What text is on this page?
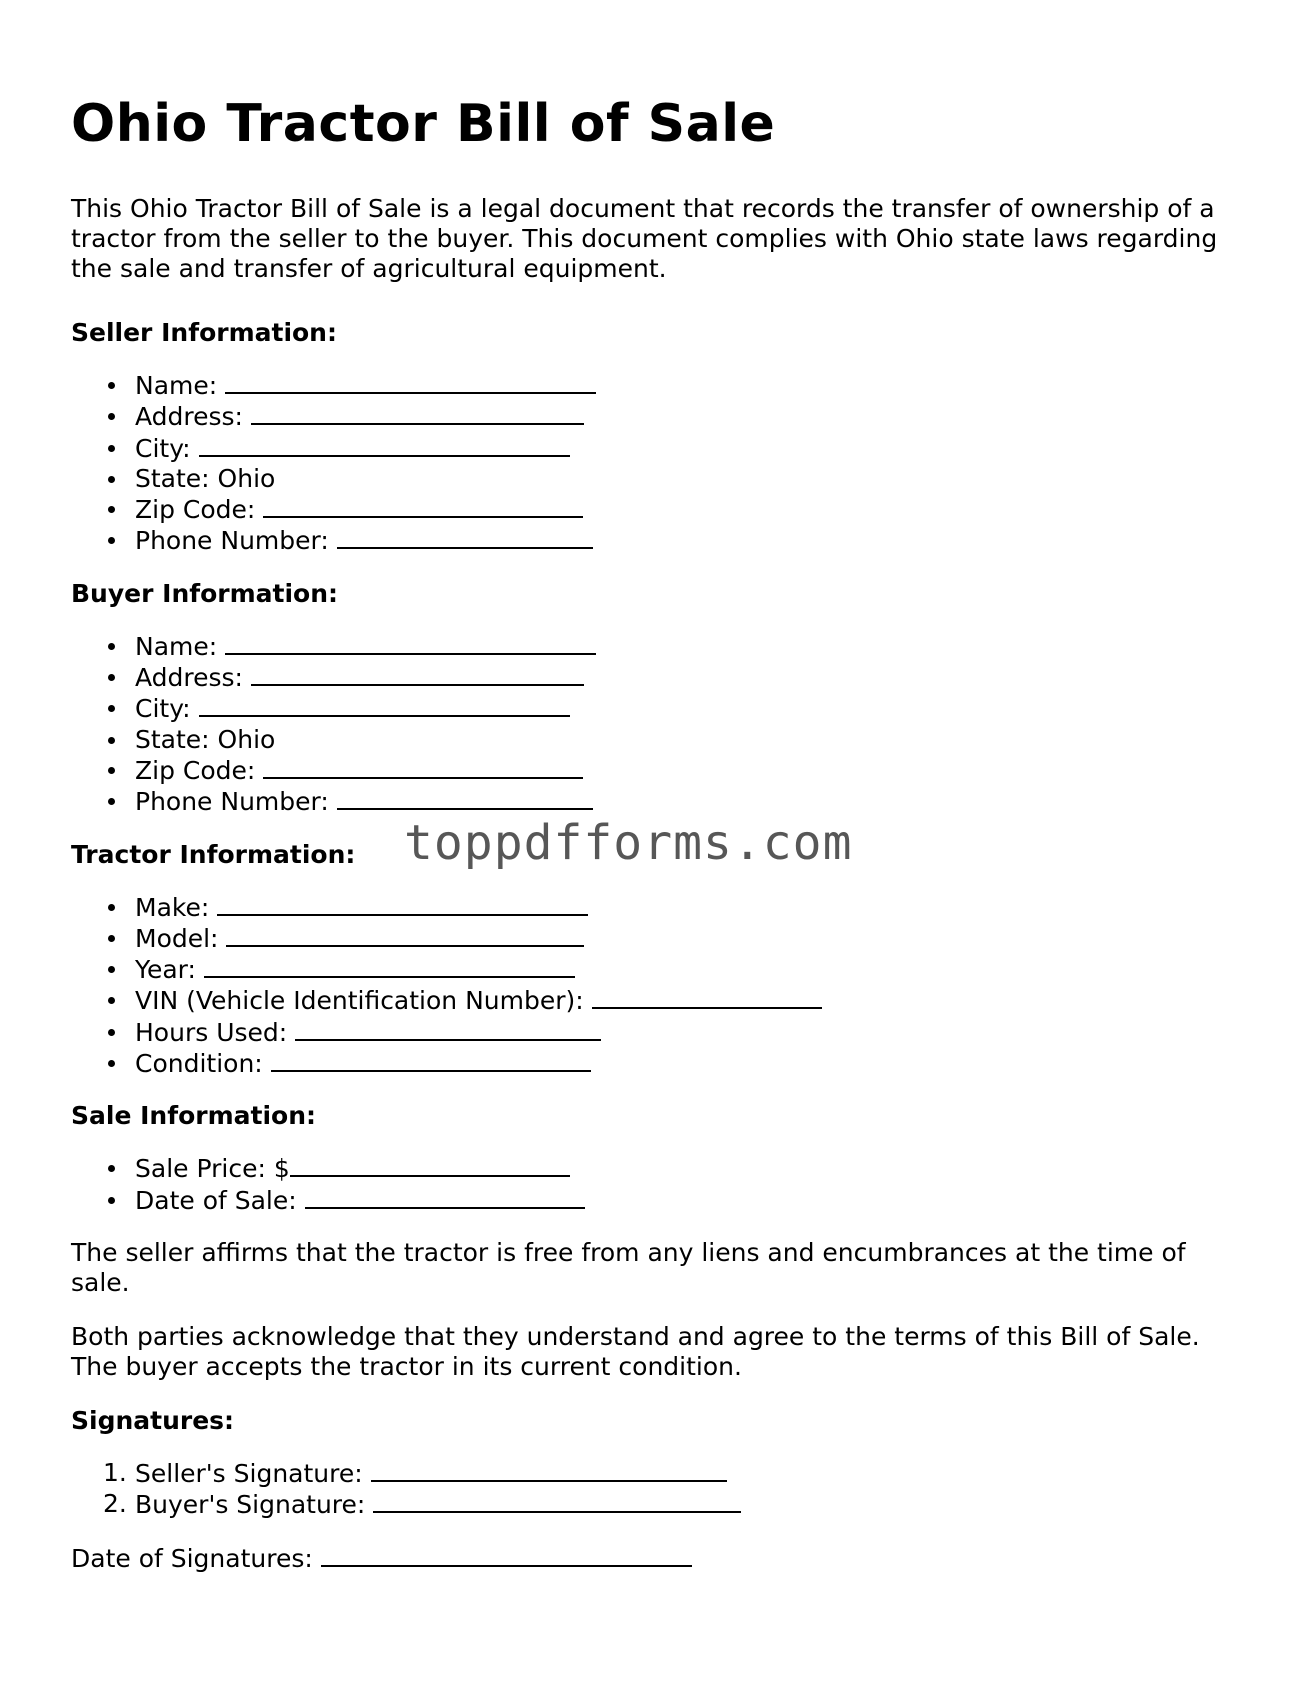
Ohio Tractor Bill of Sale

This Ohio Tractor Bill of Sale is a legal document that records the transfer of ownership of a tractor from the seller to the buyer. This document complies with Ohio state laws regarding the sale and transfer of agricultural equipment.

Seller Information:

Name:
Address:
City:
State: Ohio
Zip Code:
Phone Number:

Buyer Information:

Name:
Address:
City:
State: Ohio
Zip Code:
Phone Number:

Tractor Information:

Make:
Model:
Year:
VIN (Vehicle Identification Number):
Hours Used:
Condition:

Sale Information:

Sale Price: $
Date of Sale:

The seller affirms that the tractor is free from any liens and encumbrances at the time of sale.

Both parties acknowledge that they understand and agree to the terms of this Bill of Sale. The buyer accepts the tractor in its current condition.

Signatures:

1. Seller's Signature:
2. Buyer's Signature:

Date of Signatures:

toppdfforms.com
